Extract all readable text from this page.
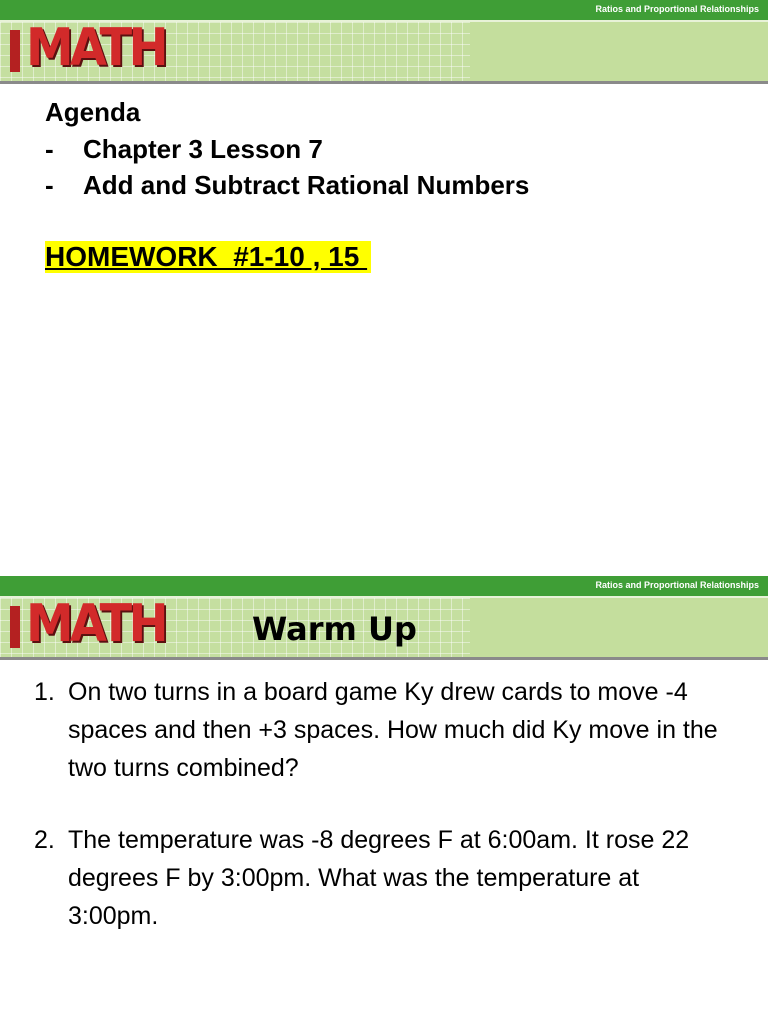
Ratios and Proportional Relationships
MATH
Agenda
- Chapter 3 Lesson 7
- Add and Subtract Rational Numbers
HOMEWORK  #1-10 , 15
Ratios and Proportional Relationships
MATH	Warm Up
1. On two turns in a board game Ky drew cards to move -4 spaces and then +3 spaces. How much did Ky move in the two turns combined?
2. The temperature was -8 degrees F at 6:00am. It rose 22 degrees F by 3:00pm. What was the temperature at 3:00pm.
